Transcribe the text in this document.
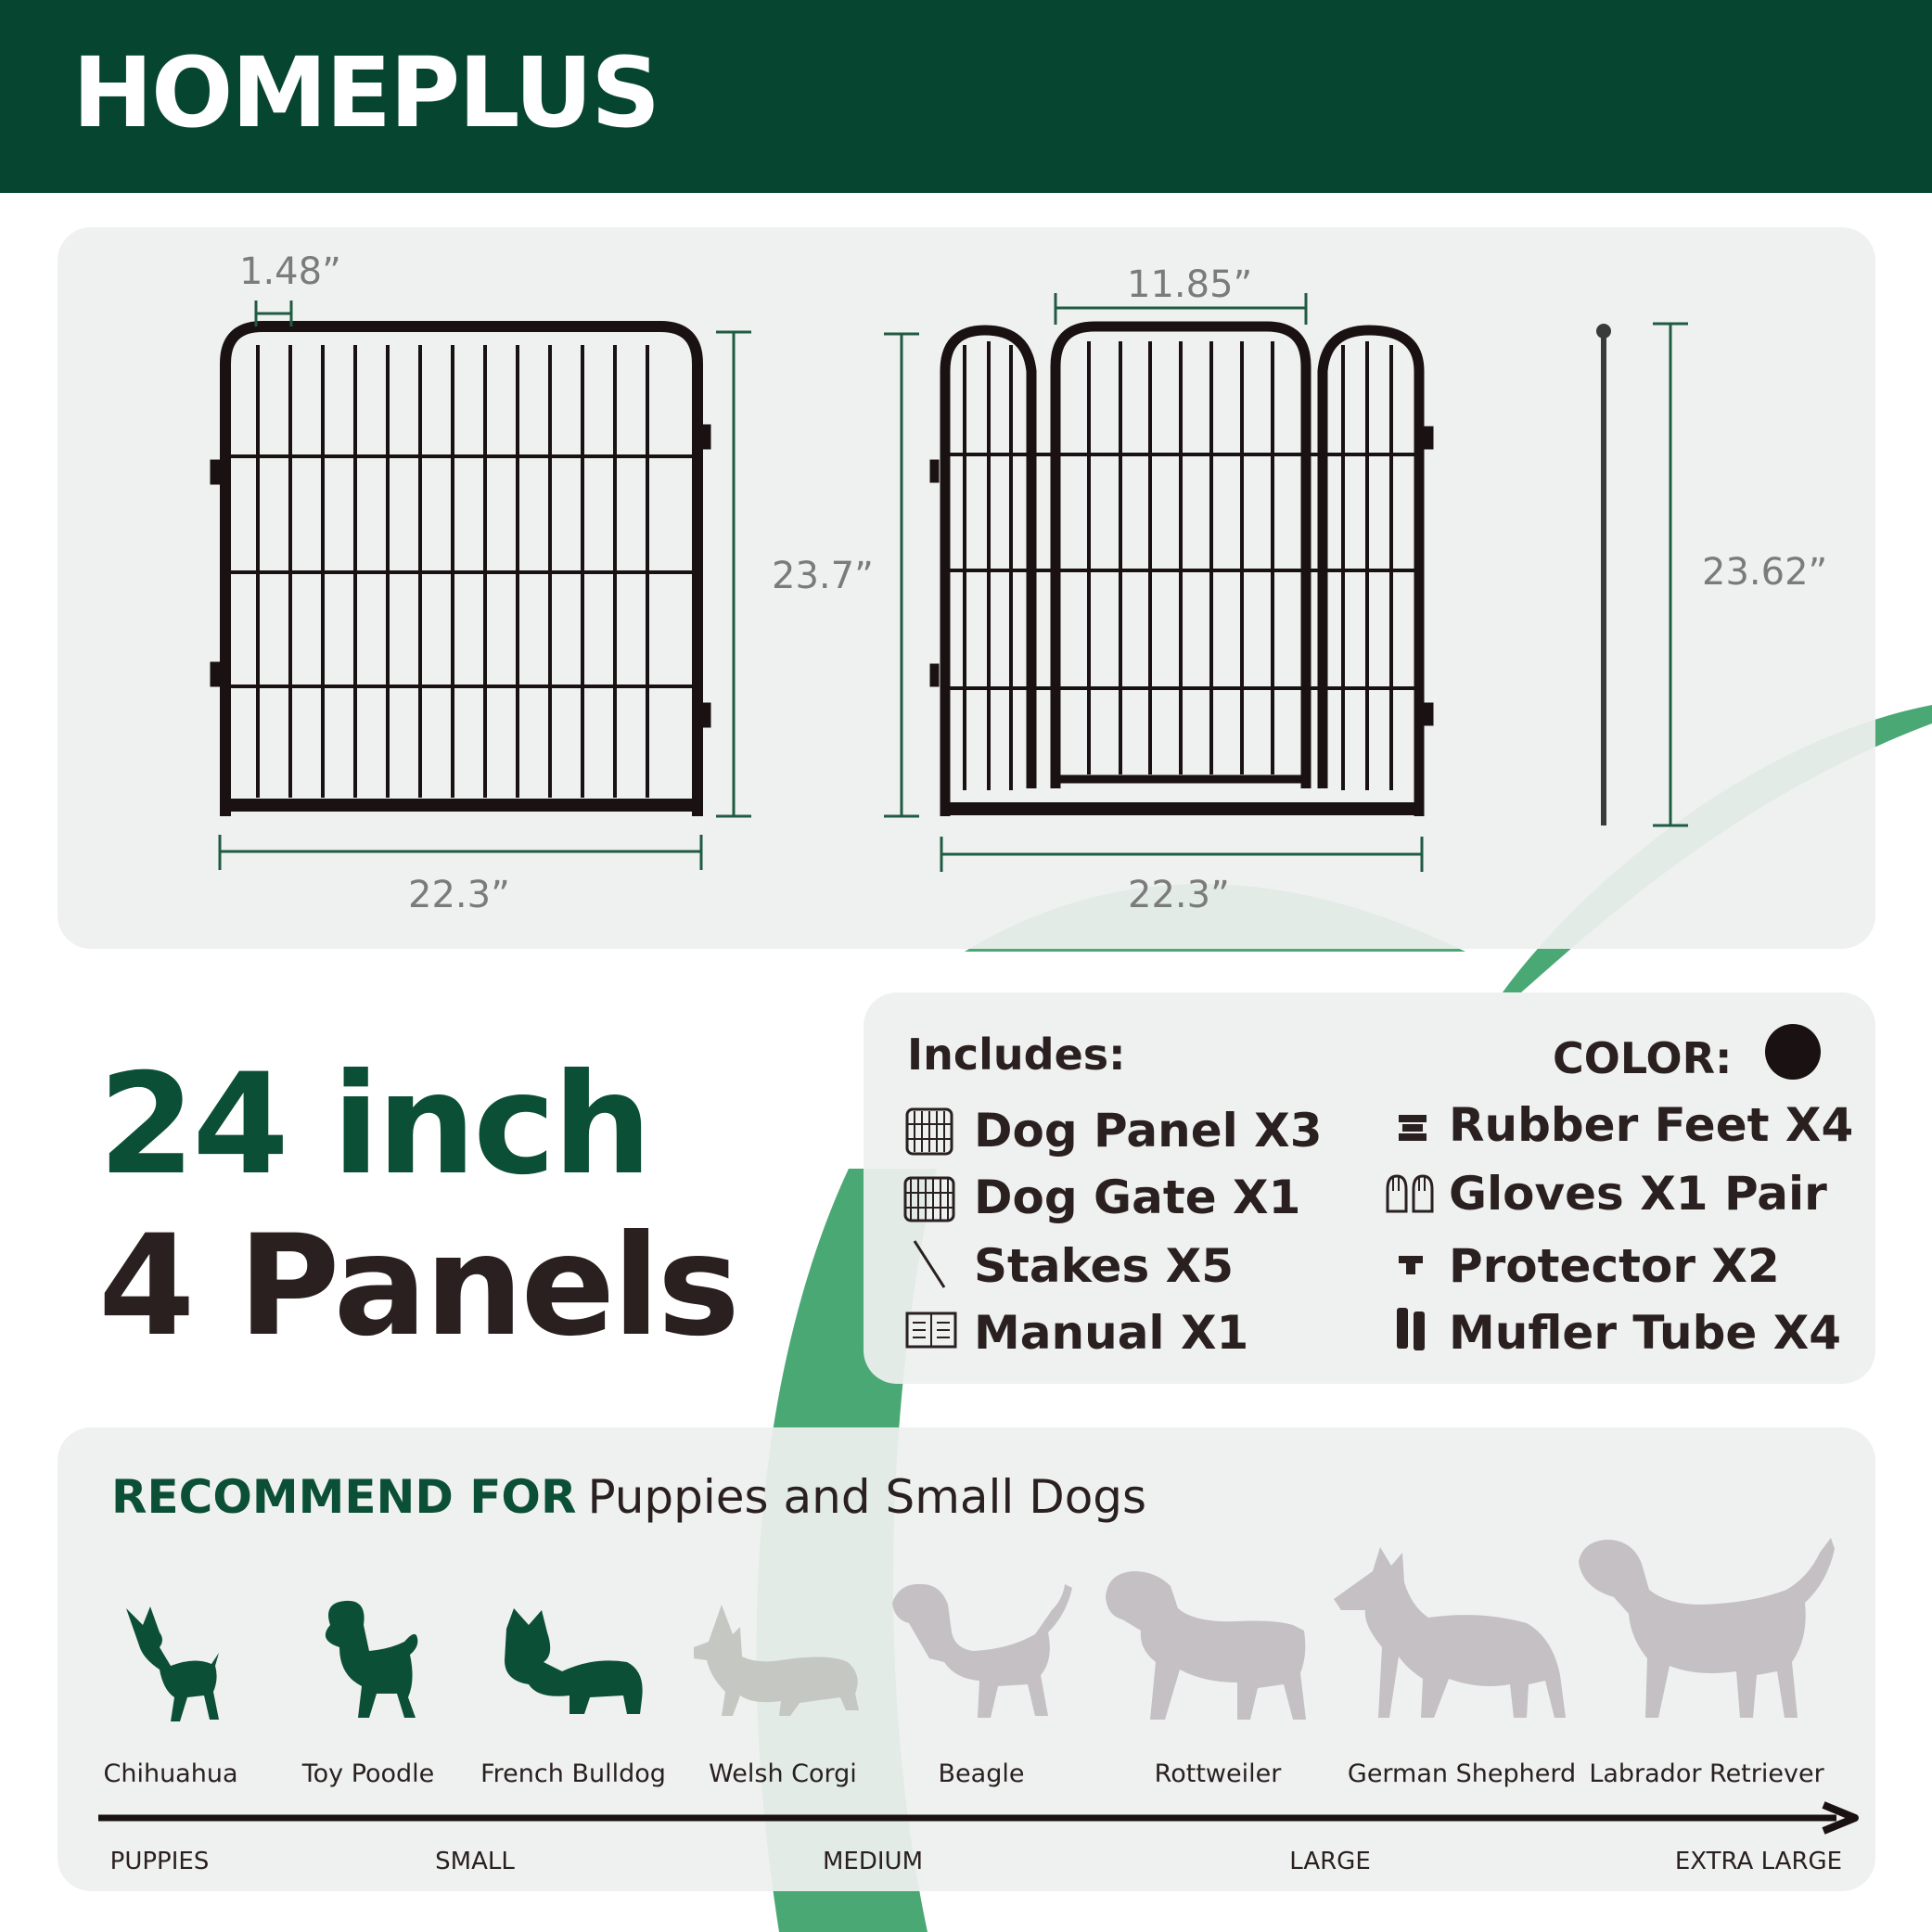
HOMEPLUS
1.48”
23.7”
22.3”
11.85”
22.3”
23.62”
24 inch
4 Panels
Includes:	COLOR:
Dog Panel X3
Dog Gate X1
Stakes X5
Manual X1
Rubber Feet X4
Gloves X1 Pair
Protector X2
Mufler Tube X4
RECOMMEND FOR Puppies and Small Dogs
Chihuahua	Toy Poodle French Bulldog Welsh Corgi	Beagle	Rottweiler	German Shepherd Labrador Retriever
PUPPIES	SMALL	MEDIUM	LARGE	EXTRA LARGE
